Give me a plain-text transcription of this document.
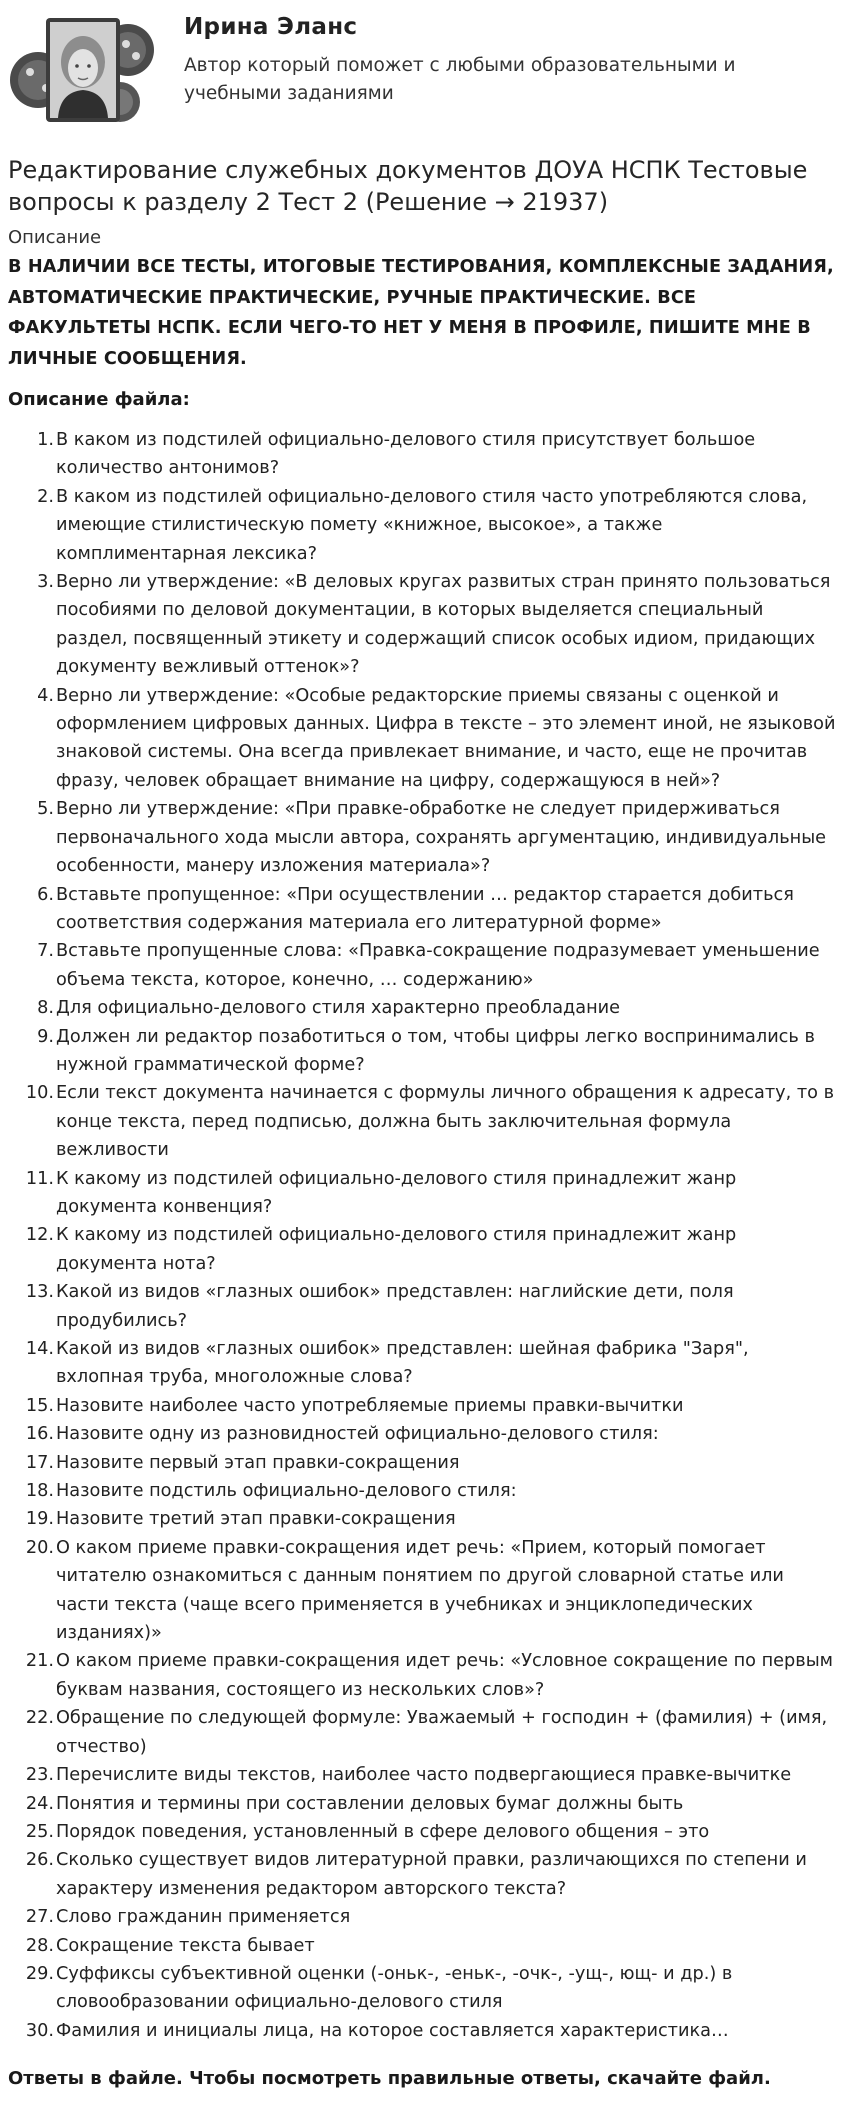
Ирина Эланс
Автор который поможет с любыми образовательными и учебными заданиями
Редактирование служебных документов ДОУА НСПК Тестовые вопросы к разделу 2 Тест 2 (Решение → 21937)
Описание
В НАЛИЧИИ ВСЕ ТЕСТЫ, ИТОГОВЫЕ ТЕСТИРОВАНИЯ, КОМПЛЕКСНЫЕ ЗАДАНИЯ, АВТОМАТИЧЕСКИЕ ПРАКТИЧЕСКИЕ, РУЧНЫЕ ПРАКТИЧЕСКИЕ. ВСЕ ФАКУЛЬТЕТЫ НСПК. ЕСЛИ ЧЕГО-ТО НЕТ У МЕНЯ В ПРОФИЛЕ, ПИШИТЕ МНЕ В ЛИЧНЫЕ СООБЩЕНИЯ.
Описание файла:
1. В каком из подстилей официально-делового стиля присутствует большое количество антонимов?
2. В каком из подстилей официально-делового стиля часто употребляются слова, имеющие стилистическую помету «книжное, высокое», а также комплиментарная лексика?
3. Верно ли утверждение: «В деловых кругах развитых стран принято пользоваться пособиями по деловой документации, в которых выделяется специальный раздел, посвященный этикету и содержащий список особых идиом, придающих документу вежливый оттенок»?
4. Верно ли утверждение: «Особые редакторские приемы связаны с оценкой и оформлением цифровых данных. Цифра в тексте – это элемент иной, не языковой знаковой системы. Она всегда привлекает внимание, и часто, еще не прочитав фразу, человек обращает внимание на цифру, содержащуюся в ней»?
5. Верно ли утверждение: «При правке-обработке не следует придерживаться первоначального хода мысли автора, сохранять аргументацию, индивидуальные особенности, манеру изложения материала»?
6. Вставьте пропущенное: «При осуществлении … редактор старается добиться соответствия содержания материала его литературной форме»
7. Вставьте пропущенные слова: «Правка-сокращение подразумевает уменьшение объема текста, которое, конечно, … содержанию»
8. Для официально-делового стиля характерно преобладание
9. Должен ли редактор позаботиться о том, чтобы цифры легко воспринимались в нужной грамматической форме?
10. Если текст документа начинается с формулы личного обращения к адресату, то в конце текста, перед подписью, должна быть заключительная формула вежливости
11. К какому из подстилей официально-делового стиля принадлежит жанр документа конвенция?
12. К какому из подстилей официально-делового стиля принадлежит жанр документа нота?
13. Какой из видов «глазных ошибок» представлен: наглийские дети, поля продубились?
14. Какой из видов «глазных ошибок» представлен: шейная фабрика "Заря", вхлопная труба, многоложные слова?
15. Назовите наиболее часто употребляемые приемы правки-вычитки
16. Назовите одну из разновидностей официально-делового стиля:
17. Назовите первый этап правки-сокращения
18. Назовите подстиль официально-делового стиля:
19. Назовите третий этап правки-сокращения
20. О каком приеме правки-сокращения идет речь: «Прием, который помогает читателю ознакомиться с данным понятием по другой словарной статье или части текста (чаще всего применяется в учебниках и энциклопедических изданиях)»
21. О каком приеме правки-сокращения идет речь: «Условное сокращение по первым буквам названия, состоящего из нескольких слов»?
22. Обращение по следующей формуле: Уважаемый + господин + (фамилия) + (имя, отчество)
23. Перечислите виды текстов, наиболее часто подвергающиеся правке-вычитке
24. Понятия и термины при составлении деловых бумаг должны быть
25. Порядок поведения, установленный в сфере делового общения – это
26. Сколько существует видов литературной правки, различающихся по степени и характеру изменения редактором авторского текста?
27. Слово гражданин применяется
28. Сокращение текста бывает
29. Суффиксы субъективной оценки (-оньк-, -еньк-, -очк-, -ущ-, ющ- и др.) в словообразовании официально-делового стиля
30. Фамилия и инициалы лица, на которое составляется характеристика…
Ответы в файле. Чтобы посмотреть правильные ответы, скачайте файл.
